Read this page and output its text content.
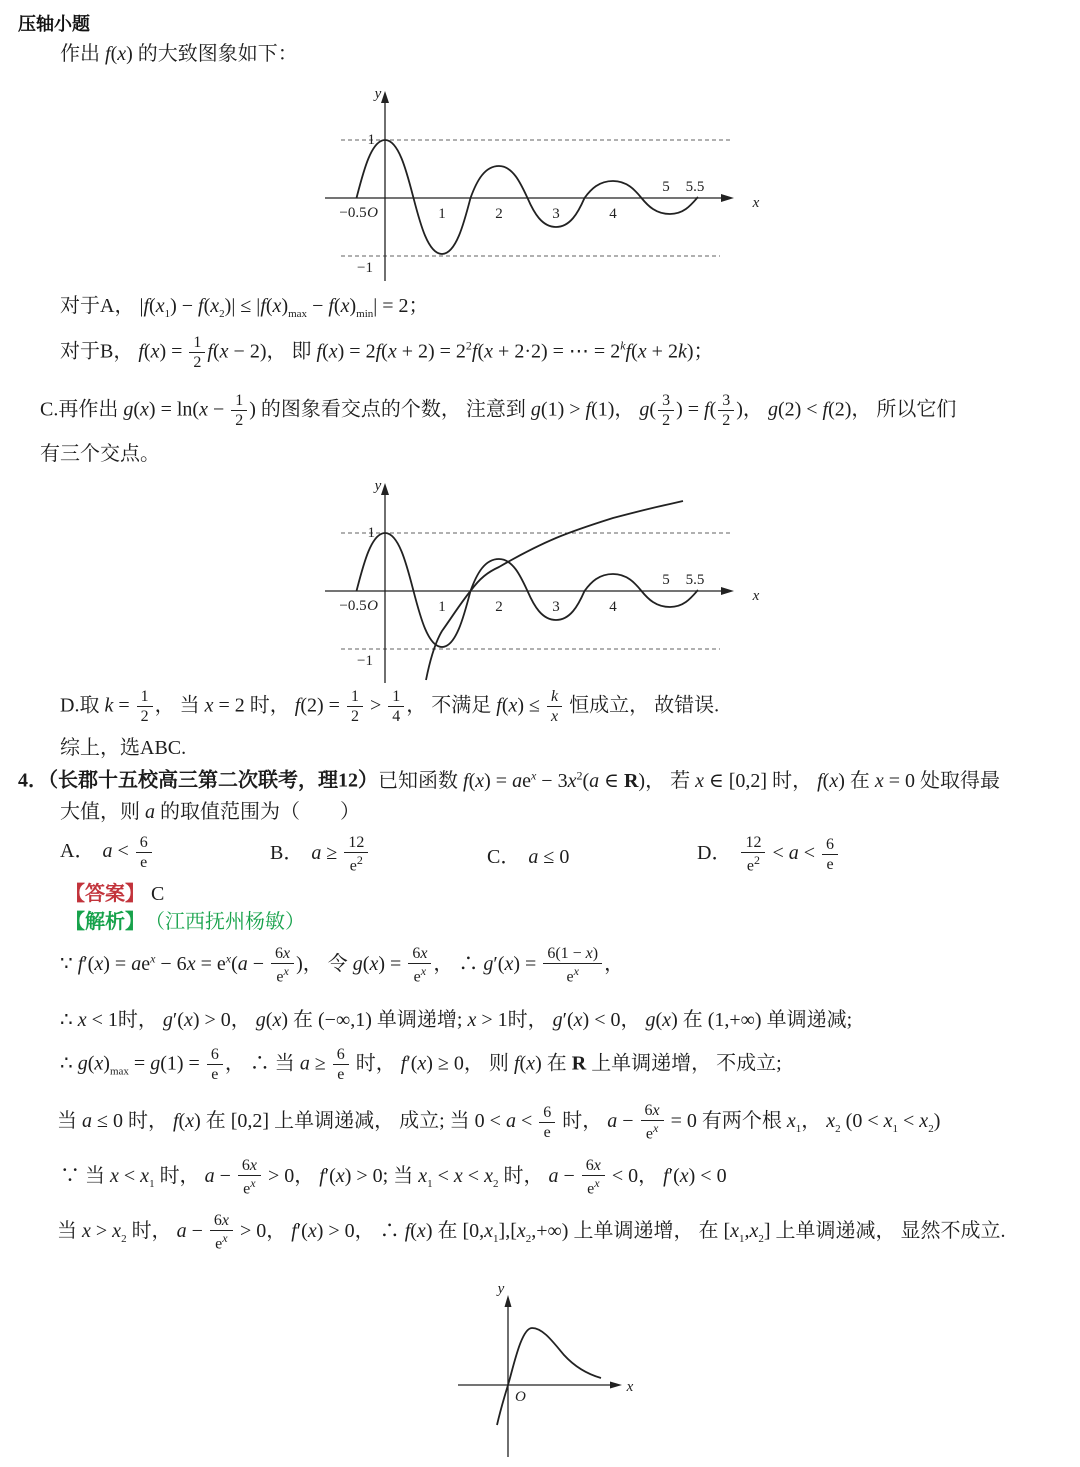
压轴小题
作出 f(x) 的大致图象如下：
y
1
−1
−0.5 O	1	2	3	4
5 5.5
x
对于A， $|f(x_1) - f(x_2)| \le |f(x)_{max} - f(x)_{min}| = 2$；
对于B， $f(x) = \frac{1}{2} f(x - 2)$， 即 $f(x) = 2f(x + 2) = 2^2f(x + 2\cdot 2)$ = ⋯ = $2^kf(x + 2k)$；
C.再作出 $g(x) = \ln(x - \frac{1}{2}$ ) 的图象看交点的个数， 注意到 g(1) > f(1)， $g( \frac{3}{2}$ ) = $f( \frac{3}{2}$ )， g(2) < f(2)， 所以它们
有三个交点。
y
1
−1
−0.5 O	1	2	3	4
5 5.5
x
D.取 $k = \frac{1}{2}$ ， 当 x = 2 时， $f(2) = \frac{1}{2} > \frac{1}{4}$ ， 不满足 $f(x) \le \frac{k}{x}$ 恒成立， 故错误.
综上，选ABC.
4．（长郡十五校高三第二次联考，理12）已知函数 $f(x) = ae^x - 3x^2(a$ ∈ R)， 若 x ∈ [0,2] 时， f(x) 在 x = 0 处取得最
大值，则 a 的取值范围为（　　）
A． $a < \frac{6}{e}$	B． $a \ge \frac{12}{e^2}$	C． a ≤ 0	D． $\frac{12}{e^2} < a < \frac{6}{e}$
【答案】 C
【解析】 （江西抚州杨敏）
∵ $f'(x) = ae^x - 6x = e^x(a - \frac{6x}{e^x}$ )， 令 $g(x) = \frac{6x}{e^x}$ ， ∴ $g'(x) = \frac{6(1 - x)}{e^x}$ ，
∴ x < 1时， g′(x) > 0， g(x) 在 (−∞,1) 单调递增; x > 1时， g′(x) < 0， g(x) 在 (1,+∞) 单调递减;
∴ $g(x)_{max} = g(1) = \frac{6}{e}$ ， ∴ 当 $a \ge \frac{6}{e}$ 时， f′(x) ≥ 0， 则 f(x) 在 R 上单调递增， 不成立;
当 a ≤ 0 时， f(x) 在 [0,2] 上单调递减， 成立; 当 $0 < a < \frac{6}{e}$ 时， $a - \frac{6x}{e^x} = 0$ 有两个根 $x_1$， $x_2$ $(0 < x_1 < x_2)$
∵ 当 $x < x_1$ 时， $a - \frac{6x}{e^x} > 0$， f′(x) > 0; 当 $x_1 < x < x_2$ 时， $a - \frac{6x}{e^x} < 0$， f′(x) < 0
当 $x > x_2$ 时， $a - \frac{6x}{e^x} > 0$， f′(x) > 0， ∴ f(x) 在 $[0,x_1],[x_2,+\infty)$ 上单调递增， 在 $[x_1,x_2]$ 上单调递减， 显然不成立.
y
O
x
